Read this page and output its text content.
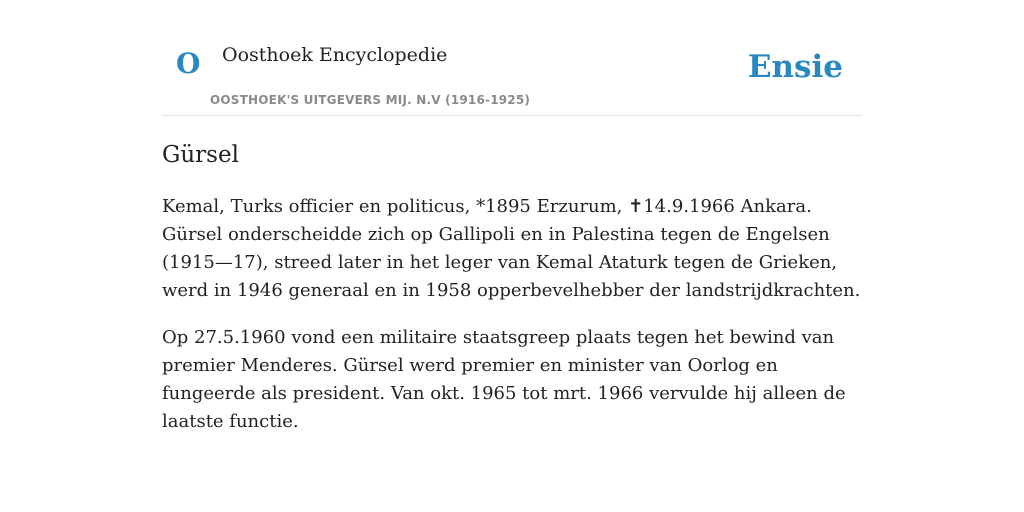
O Oosthoek Encyclopedie
OOSTHOEK'S UITGEVERS MIJ. N.V (1916-1925)
Ensie
Gürsel

Kemal, Turks officier en politicus, *1895 Erzurum, ✝14.9.1966 Ankara. Gürsel onderscheidde zich op Gallipoli en in Palestina tegen de Engelsen (1915—17), streed later in het leger van Kemal Ataturk tegen de Grieken, werd in 1946 generaal en in 1958 opperbevelhebber der landstrijdkrachten.

Op 27.5.1960 vond een militaire staatsgreep plaats tegen het bewind van premier Menderes. Gürsel werd premier en minister van Oorlog en fungeerde als president. Van okt. 1965 tot mrt. 1966 vervulde hij alleen de laatste functie.
